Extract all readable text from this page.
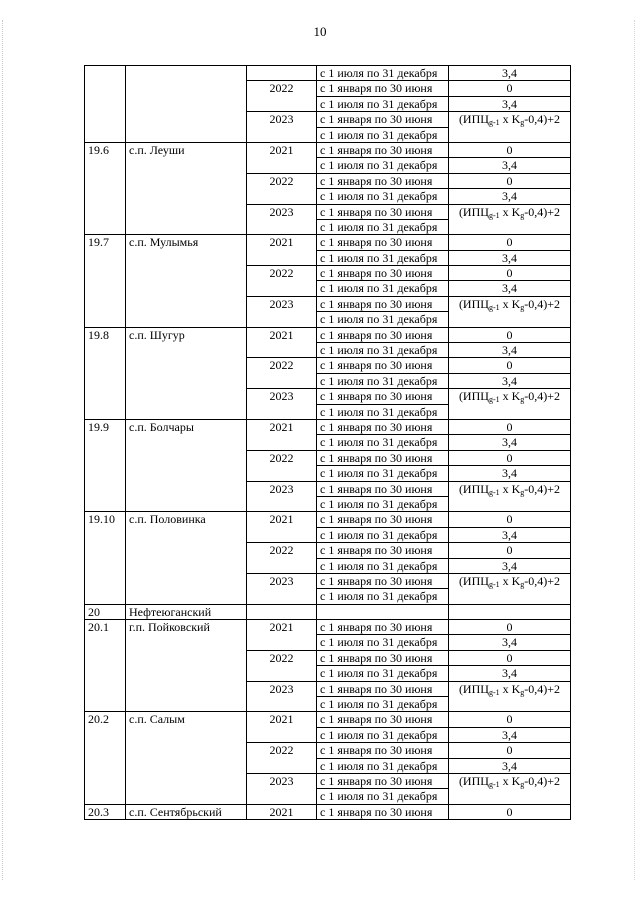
10
			с 1 июля по 31 декабря	3,4
		2022	с 1 января по 30 июня	0
			с 1 июля по 31 декабря	3,4
		2023	с 1 января по 30 июня	($ИПЦ_{g-1}$ x $K_g-0,4)+2$
			с 1 июля по 31 декабря	
19.6	с.п. Леуши	2021	с 1 января по 30 июня	0
			с 1 июля по 31 декабря	3,4
		2022	с 1 января по 30 июня	0
			с 1 июля по 31 декабря	3,4
		2023	с 1 января по 30 июня	($ИПЦ_{g-1}$ x $K_g-0,4)+2$
			с 1 июля по 31 декабря	
19.7	с.п. Мулымья	2021	с 1 января по 30 июня	0
			с 1 июля по 31 декабря	3,4
		2022	с 1 января по 30 июня	0
			с 1 июля по 31 декабря	3,4
		2023	с 1 января по 30 июня	($ИПЦ_{g-1}$ x $K_g-0,4)+2$
			с 1 июля по 31 декабря	
19.8	с.п. Шугур	2021	с 1 января по 30 июня	0
			с 1 июля по 31 декабря	3,4
		2022	с 1 января по 30 июня	0
			с 1 июля по 31 декабря	3,4
		2023	с 1 января по 30 июня	($ИПЦ_{g-1}$ x $K_g-0,4)+2$
			с 1 июля по 31 декабря	
19.9	с.п. Болчары	2021	с 1 января по 30 июня	0
			с 1 июля по 31 декабря	3,4
		2022	с 1 января по 30 июня	0
			с 1 июля по 31 декабря	3,4
		2023	с 1 января по 30 июня	($ИПЦ_{g-1}$ x $K_g-0,4)+2$
			с 1 июля по 31 декабря	
19.10	с.п. Половинка	2021	с 1 января по 30 июня	0
			с 1 июля по 31 декабря	3,4
		2022	с 1 января по 30 июня	0
			с 1 июля по 31 декабря	3,4
		2023	с 1 января по 30 июня	($ИПЦ_{g-1}$ x $K_g-0,4)+2$
			с 1 июля по 31 декабря	
20	Нефтеюганский			
20.1	г.п. Пойковский	2021	с 1 января по 30 июня	0
			с 1 июля по 31 декабря	3,4
		2022	с 1 января по 30 июня	0
			с 1 июля по 31 декабря	3,4
		2023	с 1 января по 30 июня	($ИПЦ_{g-1}$ x $K_g-0,4)+2$
			с 1 июля по 31 декабря	
20.2	с.п. Салым	2021	с 1 января по 30 июня	0
			с 1 июля по 31 декабря	3,4
		2022	с 1 января по 30 июня	0
			с 1 июля по 31 декабря	3,4
		2023	с 1 января по 30 июня	($ИПЦ_{g-1}$ x $K_g-0,4)+2$
			с 1 июля по 31 декабря	
20.3	с.п. Сентябрьский	2021	с 1 января по 30 июня	0
